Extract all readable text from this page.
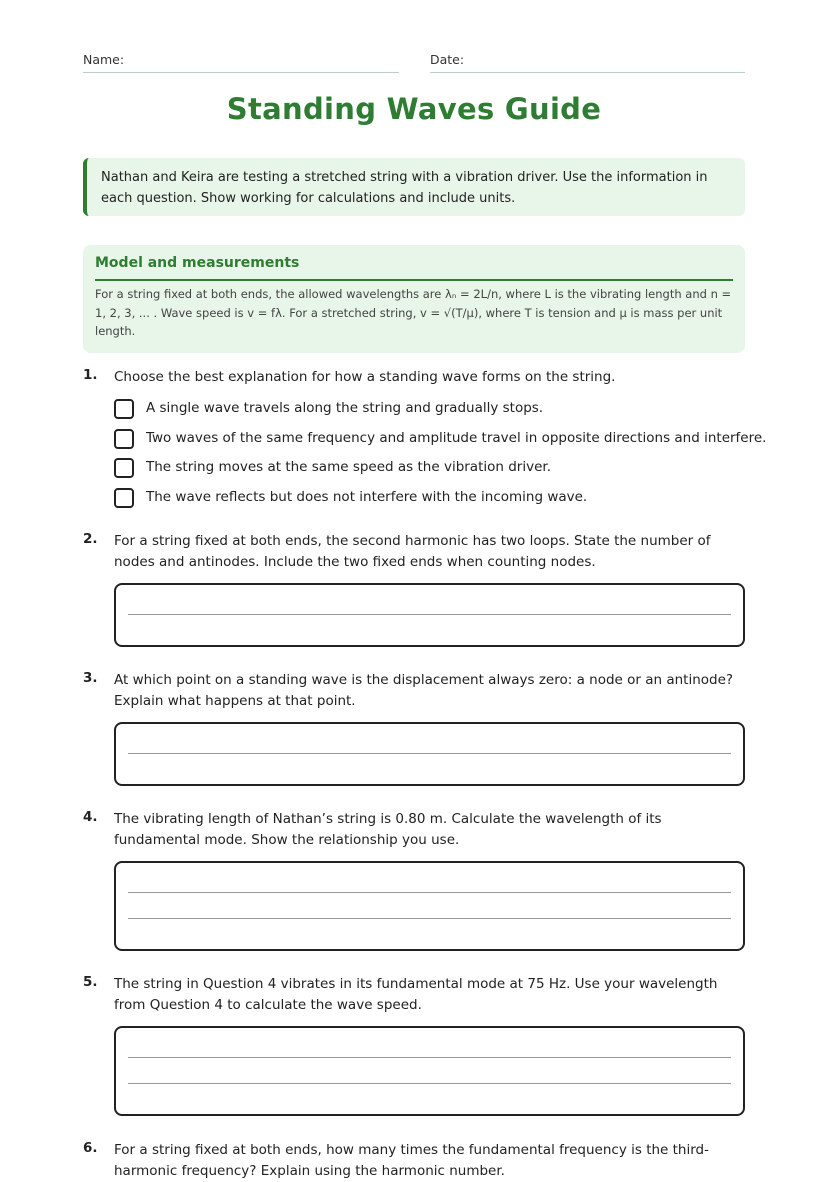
Name:	Date:
Standing Waves Guide
Nathan and Keira are testing a stretched string with a vibration driver. Use the information in each question. Show working for calculations and include units.
Model and measurements

For a string fixed at both ends, the allowed wavelengths are λₙ = 2L/n, where L is the vibrating length and n = 1, 2, 3, ... . Wave speed is v = fλ. For a stretched string, v = √(T/μ), where T is tension and μ is mass per unit length.

1. Choose the best explanation for how a standing wave forms on the string.
A single wave travels along the string and gradually stops.
Two waves of the same frequency and amplitude travel in opposite directions and interfere.
The string moves at the same speed as the vibration driver.
The wave reflects but does not interfere with the incoming wave.
2. For a string fixed at both ends, the second harmonic has two loops. State the number of nodes and antinodes. Include the two fixed ends when counting nodes.
3. At which point on a standing wave is the displacement always zero: a node or an antinode? Explain what happens at that point.
4. The vibrating length of Nathan’s string is 0.80 m. Calculate the wavelength of its fundamental mode. Show the relationship you use.
5. The string in Question 4 vibrates in its fundamental mode at 75 Hz. Use your wavelength from Question 4 to calculate the wave speed.
6. For a string fixed at both ends, how many times the fundamental frequency is the third-harmonic frequency? Explain using the harmonic number.
